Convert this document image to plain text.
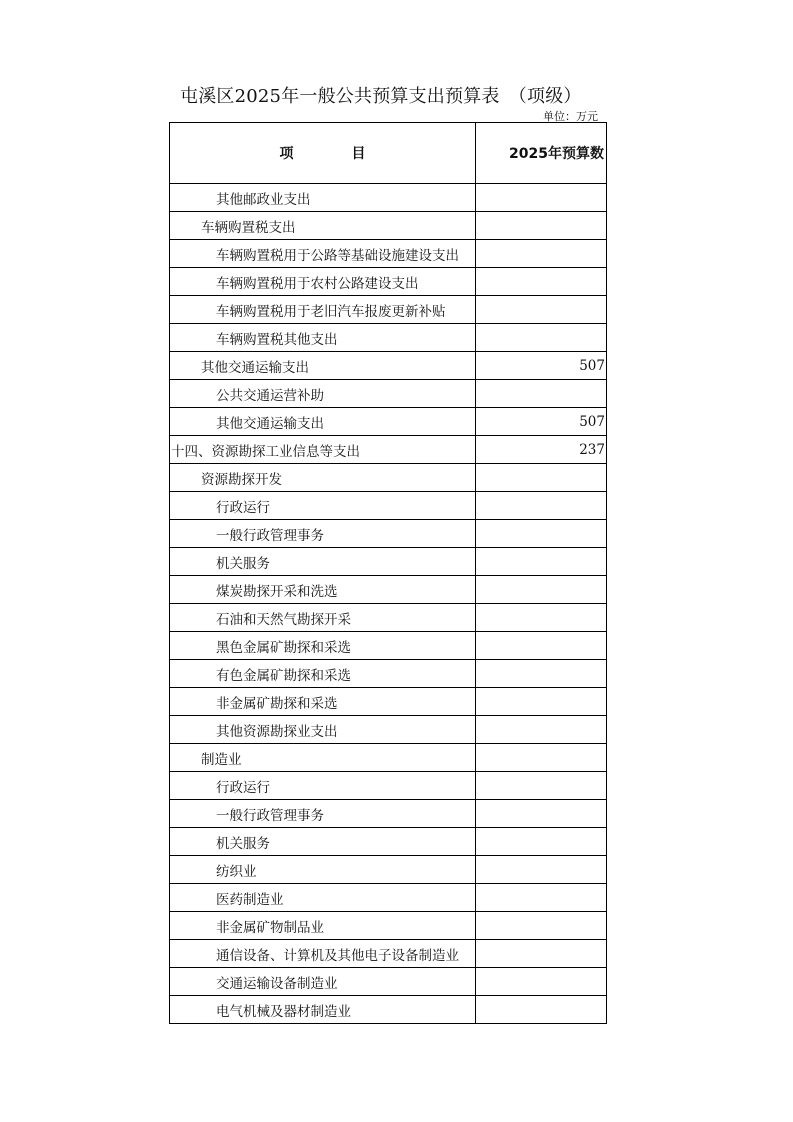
屯溪区2025年一般公共预算支出预算表　（项级）
单位：万元
项 目	2025年预算数
其他邮政业支出	
车辆购置税支出	
车辆购置税用于公路等基础设施建设支出	
车辆购置税用于农村公路建设支出	
车辆购置税用于老旧汽车报废更新补贴	
车辆购置税其他支出	
其他交通运输支出	507
公共交通运营补助	
其他交通运输支出	507
十四、资源勘探工业信息等支出	237
资源勘探开发	
行政运行	
一般行政管理事务	
机关服务	
煤炭勘探开采和洗选	
石油和天然气勘探开采	
黑色金属矿勘探和采选	
有色金属矿勘探和采选	
非金属矿勘探和采选	
其他资源勘探业支出	
制造业	
行政运行	
一般行政管理事务	
机关服务	
纺织业	
医药制造业	
非金属矿物制品业	
通信设备、计算机及其他电子设备制造业	
交通运输设备制造业	
电气机械及器材制造业	
